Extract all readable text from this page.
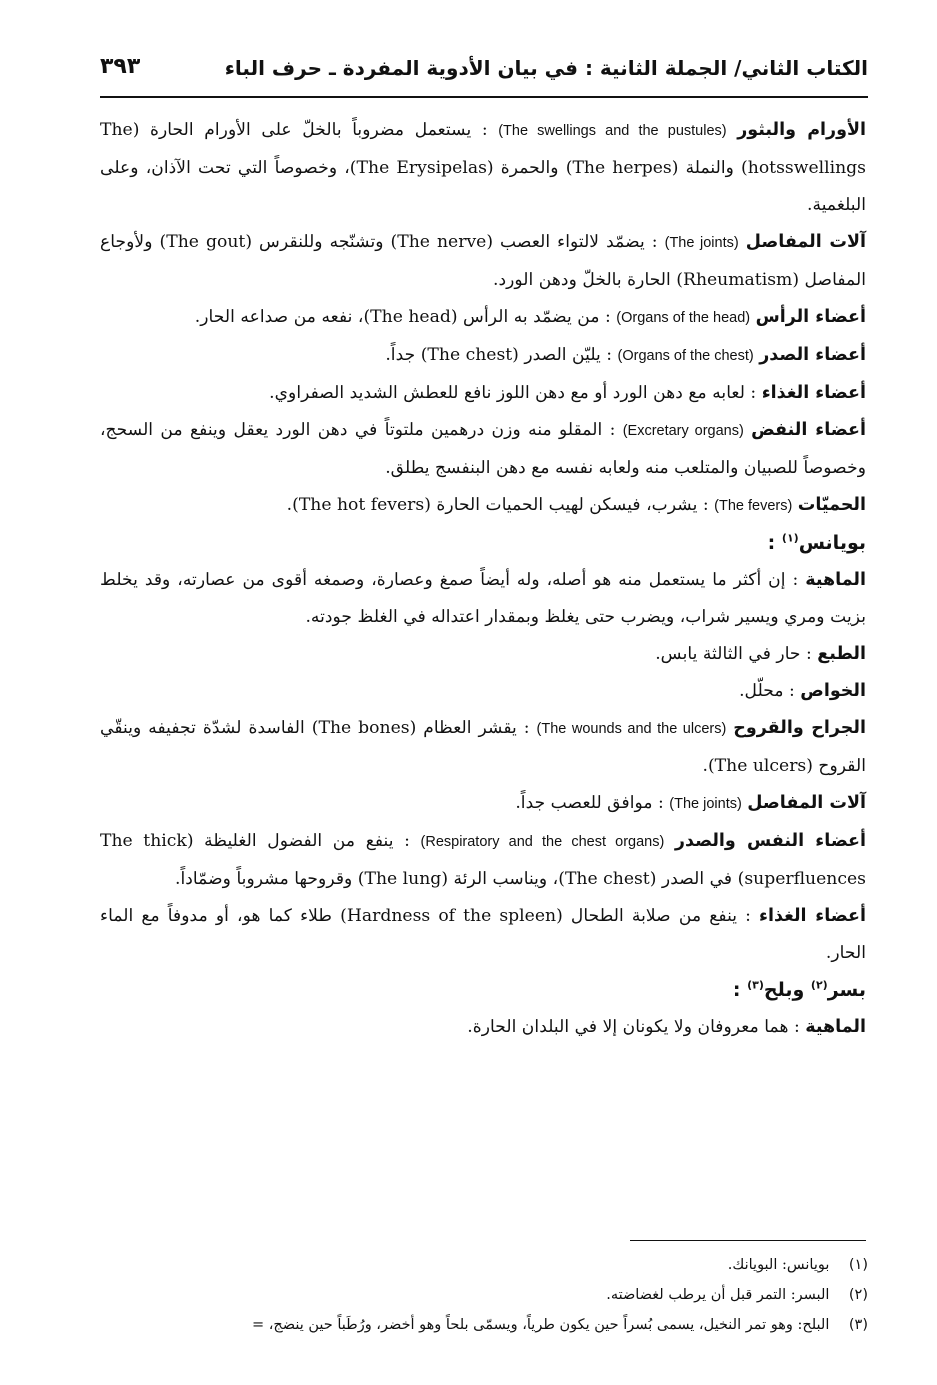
الكتاب الثاني/ الجملة الثانية : في بيان الأدوية المفردة ـ حرف الباء
٣٩٣

الأورام والبثور (The swellings and the pustules) : يستعمل مضروباً بالخلّ على الأورام الحارة (The hotsswellings) والنملة (The herpes) والحمرة (The Erysipelas)، وخصوصاً التي تحت الآذان، وعلى البلغمية.

آلات المفاصل (The joints) : يضمّد لالتواء العصب (The nerve) وتشنّجه وللنقرس (The gout) ولأوجاع المفاصل (Rheumatism) الحارة بالخلّ ودهن الورد.

أعضاء الرأس (Organs of the head) : من يضمّد به الرأس (The head)، نفعه من صداعه الحار.

أعضاء الصدر (Organs of the chest) : يليّن الصدر (The chest) جداً.

أعضاء الغذاء : لعابه مع دهن الورد أو مع دهن اللوز نافع للعطش الشديد الصفراوي.

أعضاء النفض (Excretary organs) : المقلو منه وزن درهمين ملتوتاً في دهن الورد يعقل وينفع من السحج، وخصوصاً للصبيان والمتلعب منه ولعابه نفسه مع دهن البنفسج يطلق.

الحميّات (The fevers) : يشرب، فيسكن لهيب الحميات الحارة (The hot fevers).

بويانس$^{(١)}$ :

الماهية : إن أكثر ما يستعمل منه هو أصله، وله أيضاً صمغ وعصارة، وصمغه أقوى من عصارته، وقد يخلط بزيت ومري ويسير شراب، ويضرب حتى يغلظ وبمقدار اعتداله في الغلظ جودته.

الطبع : حار في الثالثة يابس.

الخواص : محلّل.

الجراح والقروح (The wounds and the ulcers) : يقشر العظام (The bones) الفاسدة لشدّة تجفيفه وينقّي القروح (The ulcers).

آلات المفاصل (The joints) : موافق للعصب جداً.

أعضاء النفس والصدر (Respiratory and the chest organs) : ينفع من الفضول الغليظة (The thick superfluences) في الصدر (The chest)، ويناسب الرئة (The lung) وقروحها مشروباً وضمّاداً.

أعضاء الغذاء : ينفع من صلابة الطحال (Hardness of the spleen) طلاء كما هو، أو مدوفاً مع الماء الحار.

بسر$^{(٢)}$ وبلح$^{(٣)}$ :

الماهية : هما معروفان ولا يكونان إلا في البلدان الحارة.

(١) بويانس: البويانك.
(٢) البسر: التمر قبل أن يرطب لغضاضته.
(٣) البلح: وهو تمر النخيل، يسمى بُسراً حين يكون طرياً، ويسمّى بلحاً وهو أخضر، ورُطَباً حين ينضج، =
